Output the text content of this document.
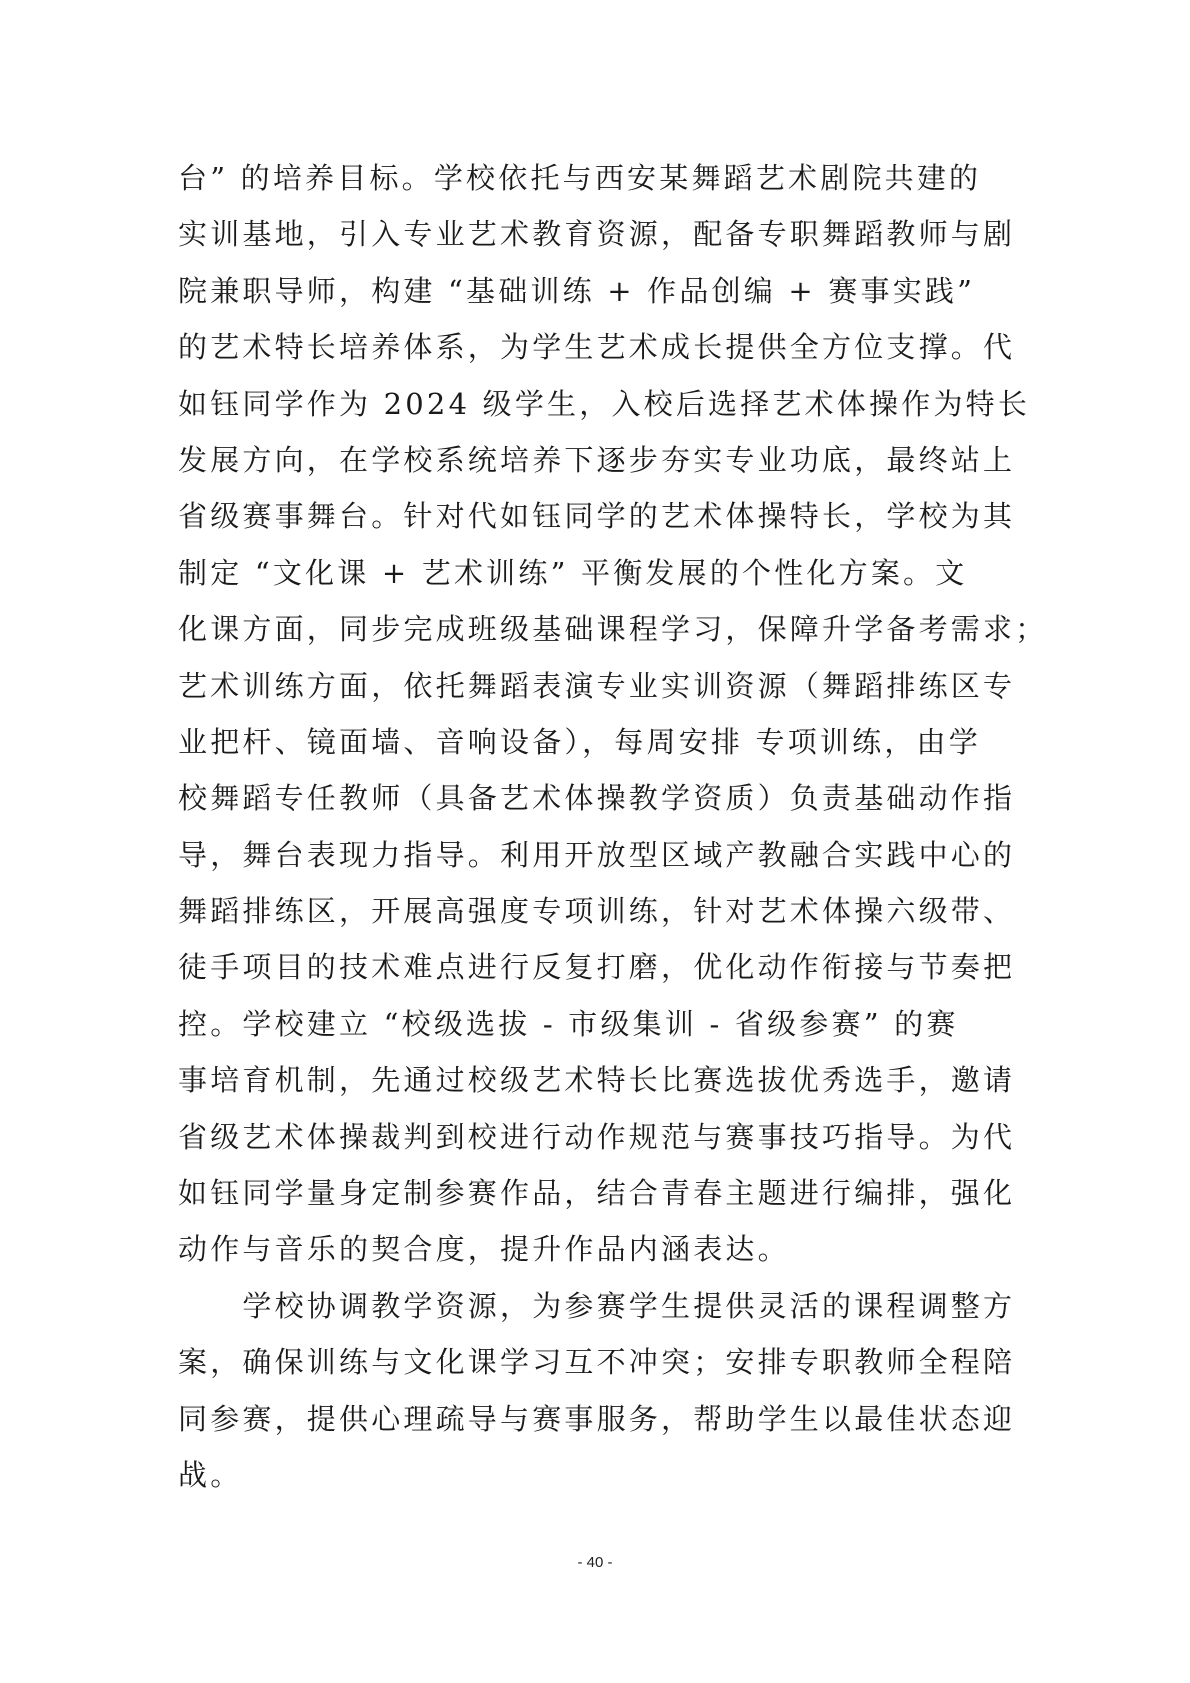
台” 的培养目标。学校依托与西安某舞蹈艺术剧院共建的
实训基地，引入专业艺术教育资源，配备专职舞蹈教师与剧
院兼职导师，构建 “基础训练 + 作品创编 + 赛事实践”
的艺术特长培养体系，为学生艺术成长提供全方位支撑。代
如钰同学作为 2024 级学生，入校后选择艺术体操作为特长
发展方向，在学校系统培养下逐步夯实专业功底，最终站上
省级赛事舞台。针对代如钰同学的艺术体操特长，学校为其
制定 “文化课 + 艺术训练” 平衡发展的个性化方案。文
化课方面，同步完成班级基础课程学习，保障升学备考需求；
艺术训练方面，依托舞蹈表演专业实训资源（舞蹈排练区专
业把杆、镜面墙、音响设备），每周安排 专项训练，由学
校舞蹈专任教师（具备艺术体操教学资质）负责基础动作指
导，舞台表现力指导。利用开放型区域产教融合实践中心的
舞蹈排练区，开展高强度专项训练，针对艺术体操六级带、
徒手项目的技术难点进行反复打磨，优化动作衔接与节奏把
控。学校建立 “校级选拔 - 市级集训 - 省级参赛” 的赛
事培育机制，先通过校级艺术特长比赛选拔优秀选手，邀请
省级艺术体操裁判到校进行动作规范与赛事技巧指导。为代
如钰同学量身定制参赛作品，结合青春主题进行编排，强化
动作与音乐的契合度，提升作品内涵表达。
　　学校协调教学资源，为参赛学生提供灵活的课程调整方
案，确保训练与文化课学习互不冲突；安排专职教师全程陪
同参赛，提供心理疏导与赛事服务，帮助学生以最佳状态迎
战。
- 40 -
